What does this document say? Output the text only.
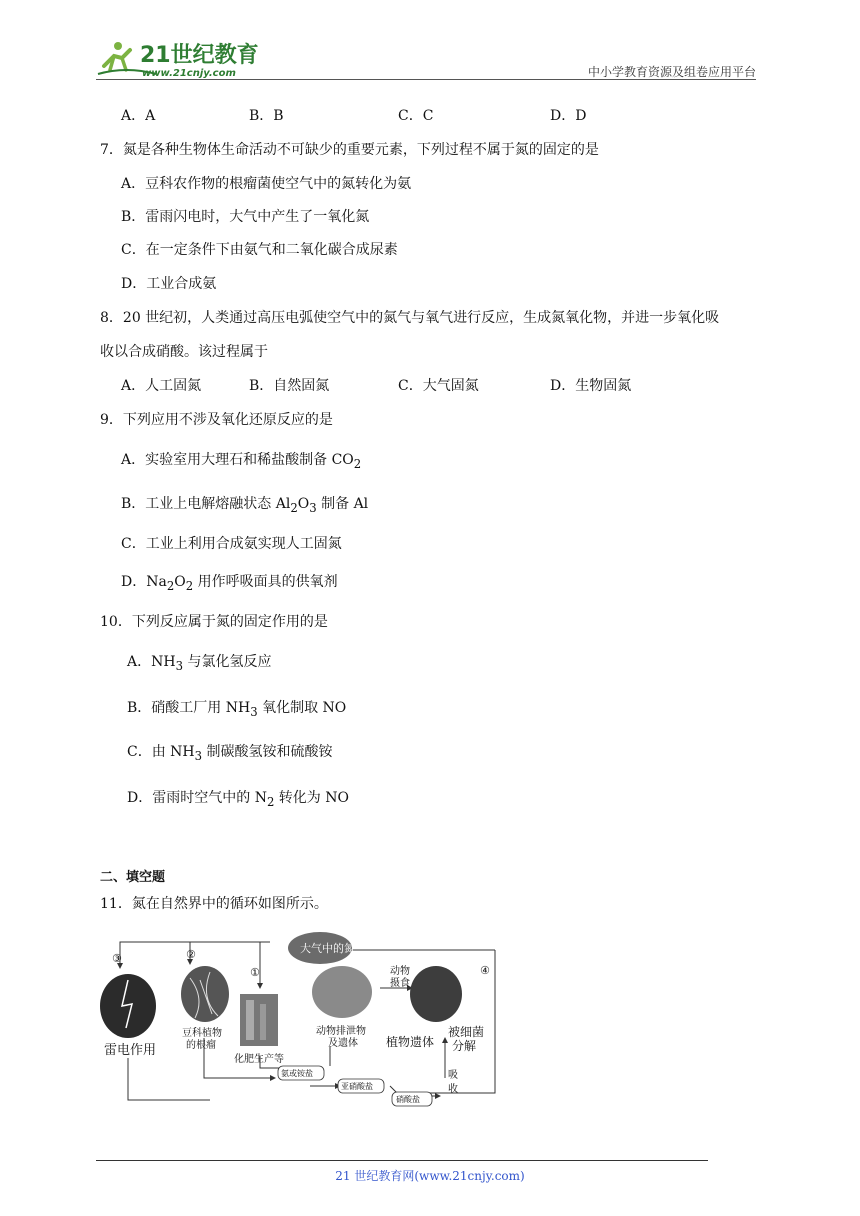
21世纪教育
www.21cnjy.com	中小学教育资源及组卷应用平台
A．A	B．B	C．C	D．D
7．氮是各种生物体生命活动不可缺少的重要元素，下列过程不属于氮的固定的是
A．豆科农作物的根瘤菌使空气中的氮转化为氨
B．雷雨闪电时，大气中产生了一氧化氮
C．在一定条件下由氨气和二氧化碳合成尿素
D．工业合成氨
8．20 世纪初，人类通过高压电弧使空气中的氮气与氧气进行反应，生成氮氧化物，并进一步氧化吸
收以合成硝酸。该过程属于
A．人工固氮	B．自然固氮	C．大气固氮	D．生物固氮
9．下列应用不涉及氧化还原反应的是
A．实验室用大理石和稀盐酸制备 $CO_2$
B．工业上电解熔融状态 $Al_2O_3$ 制备 Al
C．工业上利用合成氨实现人工固氮
D．$Na_2O_2$ 用作呼吸面具的供氧剂
10．下列反应属于氮的固定作用的是
A．$NH_3$ 与氯化氢反应
B．硝酸工厂用 $NH_3$ 氧化制取 NO
C．由 $NH_3$ 制碳酸氢铵和硫酸铵
D．雷雨时空气中的 $N_2$ 转化为 NO
二、填空题
11．氮在自然界中的循环如图所示。
大气中的氮
雷电作用
豆科植物
的根瘤
化肥生产等
动物
摄食
动物排泄物
及遗体 植物遗体
被细菌
分解
氨或铵盐
亚硝酸盐
硝酸盐
吸
收
①
②
③
④
21 世纪教育网(www.21cnjy.com)
